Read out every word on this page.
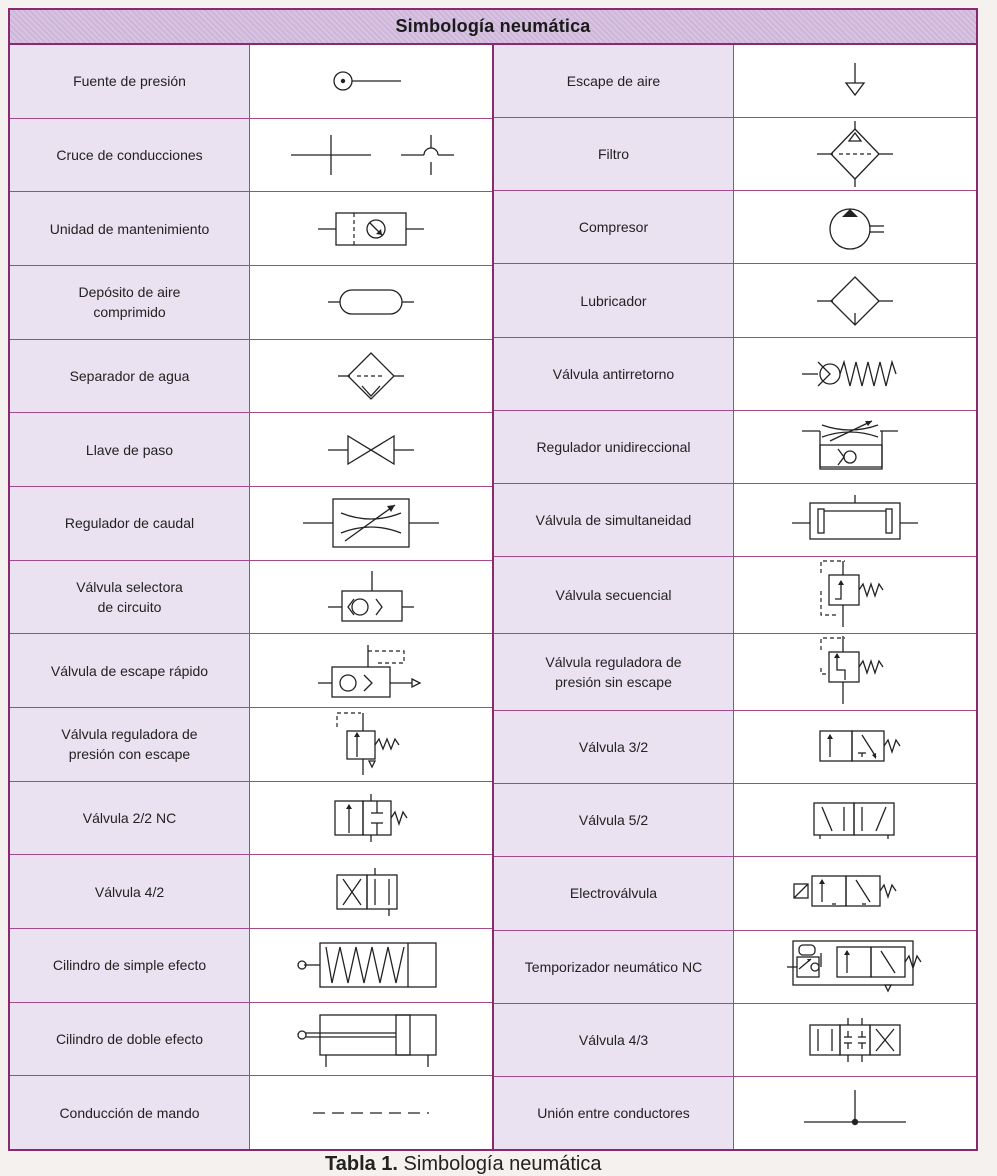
Simbología neumática
Fuente de presión
Cruce de conducciones
Unidad de mantenimiento
Depósito de aire
comprimido
Separador de agua
Llave de paso
Regulador de caudal
Válvula selectora
de circuito
Válvula de escape rápido
Válvula reguladora de
presión con escape
Válvula 2/2 NC
Válvula 4/2
Cilindro de simple efecto
Cilindro de doble efecto
Conducción de mando
Escape de aire
Filtro
Compresor
Lubricador
Válvula antirretorno
Regulador unidireccional
Válvula de simultaneidad
Válvula secuencial
Válvula reguladora de
presión sin escape
Válvula 3/2
Válvula 5/2
Electroválvula
Temporizador neumático NC
Válvula 4/3
Unión entre conductores
Tabla 1. Simbología neumática
